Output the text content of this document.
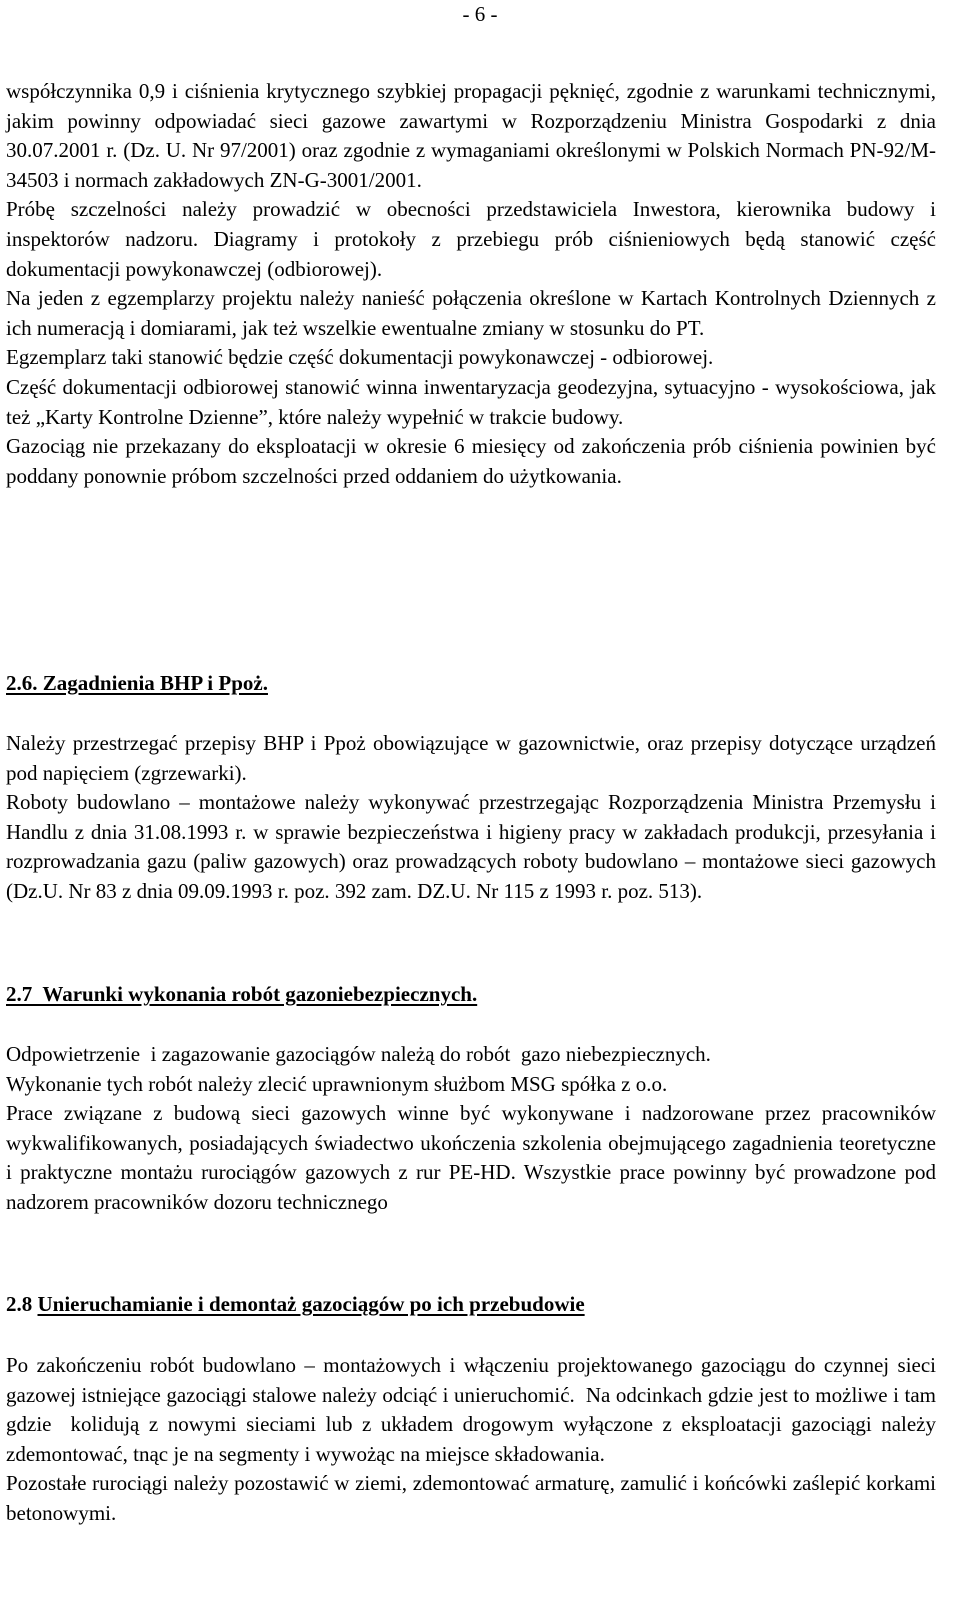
- 6 -

współczynnika 0,9 i ciśnienia krytycznego szybkiej propagacji pęknięć, zgodnie z warunkami technicznymi, jakim powinny odpowiadać sieci gazowe zawartymi w Rozporządzeniu Ministra Gospodarki z dnia 30.07.2001 r. (Dz. U. Nr 97/2001) oraz zgodnie z wymaganiami określonymi w Polskich Normach PN-92/M-34503 i normach zakładowych ZN-G-3001/2001.

Próbę szczelności należy prowadzić w obecności przedstawiciela Inwestora, kierownika budowy i inspektorów nadzoru. Diagramy i protokoły z przebiegu prób ciśnieniowych będą stanowić część dokumentacji powykonawczej (odbiorowej).

Na jeden z egzemplarzy projektu należy nanieść połączenia określone w Kartach Kontrolnych Dziennych z ich numeracją i domiarami, jak też wszelkie ewentualne zmiany w stosunku do PT.

Egzemplarz taki stanowić będzie część dokumentacji powykonawczej - odbiorowej.

Część dokumentacji odbiorowej stanowić winna inwentaryzacja geodezyjna, sytuacyjno - wysokościowa, jak też „Karty Kontrolne Dzienne”, które należy wypełnić w trakcie budowy.

Gazociąg nie przekazany do eksploatacji w okresie 6 miesięcy od zakończenia prób ciśnienia powinien być poddany ponownie próbom szczelności przed oddaniem do użytkowania.

2.6. Zagadnienia BHP i Ppoż.

Należy przestrzegać przepisy BHP i Ppoż obowiązujące w gazownictwie, oraz przepisy dotyczące urządzeń pod napięciem (zgrzewarki).

Roboty budowlano – montażowe należy wykonywać przestrzegając Rozporządzenia Ministra Przemysłu i Handlu z dnia 31.08.1993 r. w sprawie bezpieczeństwa i higieny pracy w zakładach produkcji, przesyłania i rozprowadzania gazu (paliw gazowych) oraz prowadzących roboty budowlano – montażowe sieci gazowych (Dz.U. Nr 83 z dnia 09.09.1993 r. poz. 392 zam. DZ.U. Nr 115 z 1993 r. poz. 513).

2.7  Warunki wykonania robót gazoniebezpiecznych.

Odpowietrzenie  i zagazowanie gazociągów należą do robót  gazo niebezpiecznych.

Wykonanie tych robót należy zlecić uprawnionym służbom MSG spółka z o.o.

Prace związane z budową sieci gazowych winne być wykonywane i nadzorowane przez pracowników wykwalifikowanych, posiadających świadectwo ukończenia szkolenia obejmującego zagadnienia teoretyczne i praktyczne montażu rurociągów gazowych z rur PE-HD. Wszystkie prace powinny być prowadzone pod nadzorem pracowników dozoru technicznego

2.8 Unieruchamianie i demontaż gazociągów po ich przebudowie

Po zakończeniu robót budowlano – montażowych i włączeniu projektowanego gazociągu do czynnej sieci gazowej istniejące gazociągi stalowe należy odciąć i unieruchomić.  Na odcinkach gdzie jest to możliwe i tam gdzie  kolidują z nowymi sieciami lub z układem drogowym wyłączone z eksploatacji gazociągi należy zdemontować, tnąc je na segmenty i wywożąc na miejsce składowania.

Pozostałe rurociągi należy pozostawić w ziemi, zdemontować armaturę, zamulić i końcówki zaślepić korkami betonowymi.
